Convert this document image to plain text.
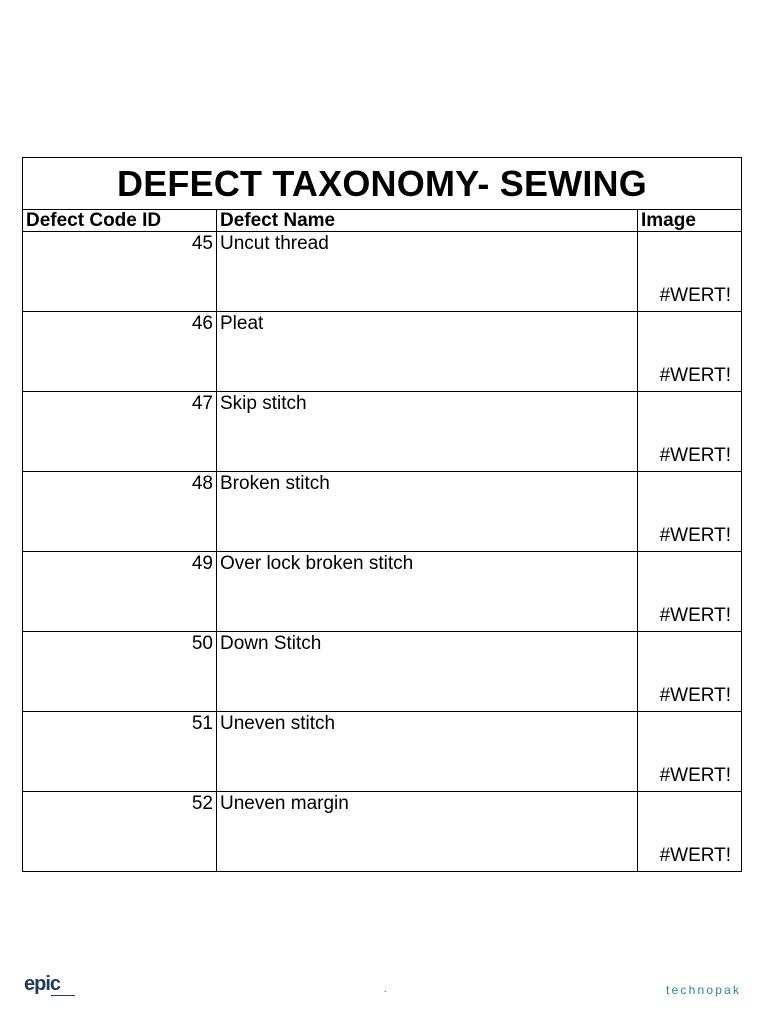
DEFECT TAXONOMY- SEWING		
Defect Code ID	Defect Name	Image
45	Uncut thread	#WERT!

46	Pleat	#WERT!

47	Skip stitch	#WERT!

48	Broken stitch	#WERT!

49	Over lock broken stitch	#WERT!

50	Down Stitch	#WERT!

51	Uneven stitch	#WERT!

52	Uneven margin	#WERT!
epic	.	technopak
